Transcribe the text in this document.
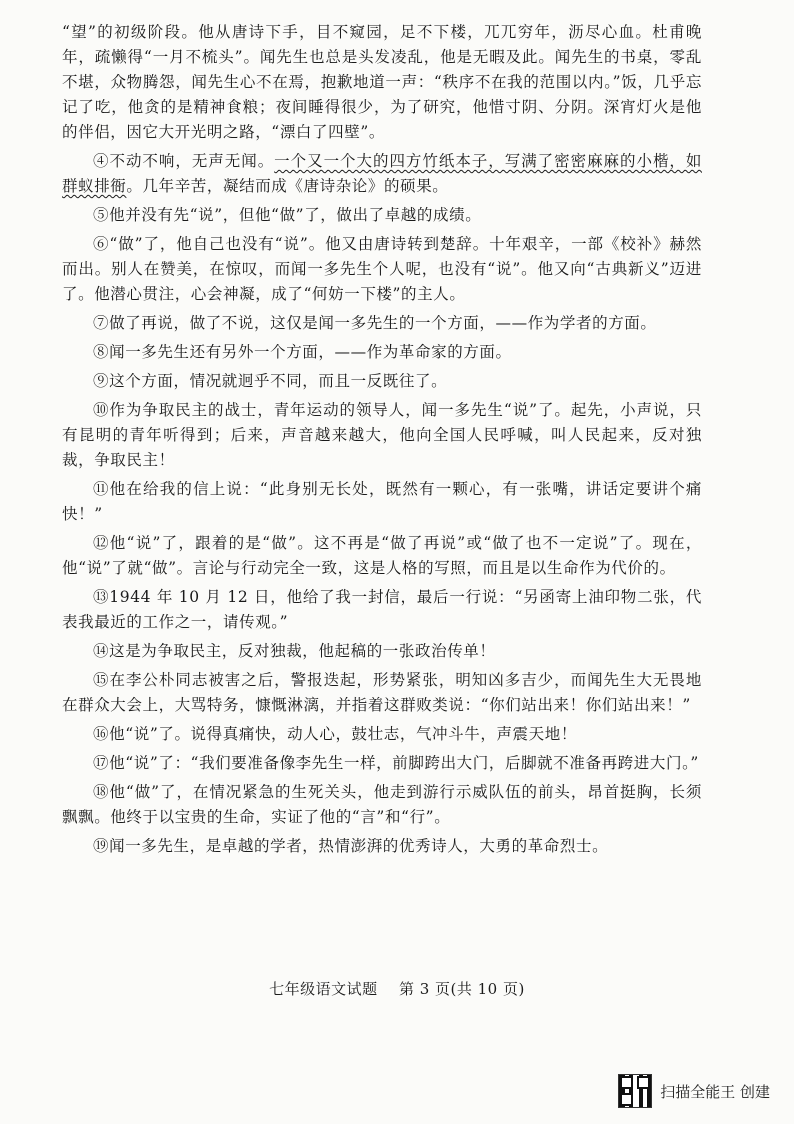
“望”的初级阶段。他从唐诗下手，目不窥园，足不下楼，兀兀穷年，沥尽心血。杜甫晚年，疏懒得“一月不梳头”。闻先生也总是头发凌乱，他是无暇及此。闻先生的书桌，零乱不堪，众物腾怨，闻先生心不在焉，抱歉地道一声：“秩序不在我的范围以内。”饭，几乎忘记了吃，他贪的是精神食粮；夜间睡得很少，为了研究，他惜寸阴、分阴。深宵灯火是他的伴侣，因它大开光明之路，“漂白了四壁”。

④不动不响，无声无闻。一个又一个大的四方竹纸本子，写满了密密麻麻的小楷，如群蚁排衙。几年辛苦，凝结而成《唐诗杂论》的硕果。

⑤他并没有先“说”，但他“做”了，做出了卓越的成绩。

⑥“做”了，他自己也没有“说”。他又由唐诗转到楚辞。十年艰辛，一部《校补》赫然而出。别人在赞美，在惊叹，而闻一多先生个人呢，也没有“说”。他又向“古典新义”迈进了。他潜心贯注，心会神凝，成了“何妨一下楼”的主人。

⑦做了再说，做了不说，这仅是闻一多先生的一个方面，——作为学者的方面。

⑧闻一多先生还有另外一个方面，——作为革命家的方面。

⑨这个方面，情况就迥乎不同，而且一反既往了。

⑩作为争取民主的战士，青年运动的领导人，闻一多先生“说”了。起先，小声说，只有昆明的青年听得到；后来，声音越来越大，他向全国人民呼喊，叫人民起来，反对独裁，争取民主！

⑪他在给我的信上说：“此身别无长处，既然有一颗心，有一张嘴，讲话定要讲个痛快！”

⑫他“说”了，跟着的是“做”。这不再是“做了再说”或“做了也不一定说”了。现在，他“说”了就“做”。言论与行动完全一致，这是人格的写照，而且是以生命作为代价的。

⑬1944 年 10 月 12 日，他给了我一封信，最后一行说：“另函寄上油印物二张，代表我最近的工作之一，请传观。”

⑭这是为争取民主，反对独裁，他起稿的一张政治传单！

⑮在李公朴同志被害之后，警报迭起，形势紧张，明知凶多吉少，而闻先生大无畏地在群众大会上，大骂特务，慷慨淋漓，并指着这群败类说：“你们站出来！你们站出来！”

⑯他“说”了。说得真痛快，动人心，鼓壮志，气冲斗牛，声震天地！

⑰他“说”了：“我们要准备像李先生一样，前脚跨出大门，后脚就不准备再跨进大门。”

⑱他“做”了，在情况紧急的生死关头，他走到游行示威队伍的前头，昂首挺胸，长须飘飘。他终于以宝贵的生命，实证了他的“言”和“行”。

⑲闻一多先生，是卓越的学者，热情澎湃的优秀诗人，大勇的革命烈士。

七年级语文试题 第 3 页(共 10 页)
扫描全能王 创建
